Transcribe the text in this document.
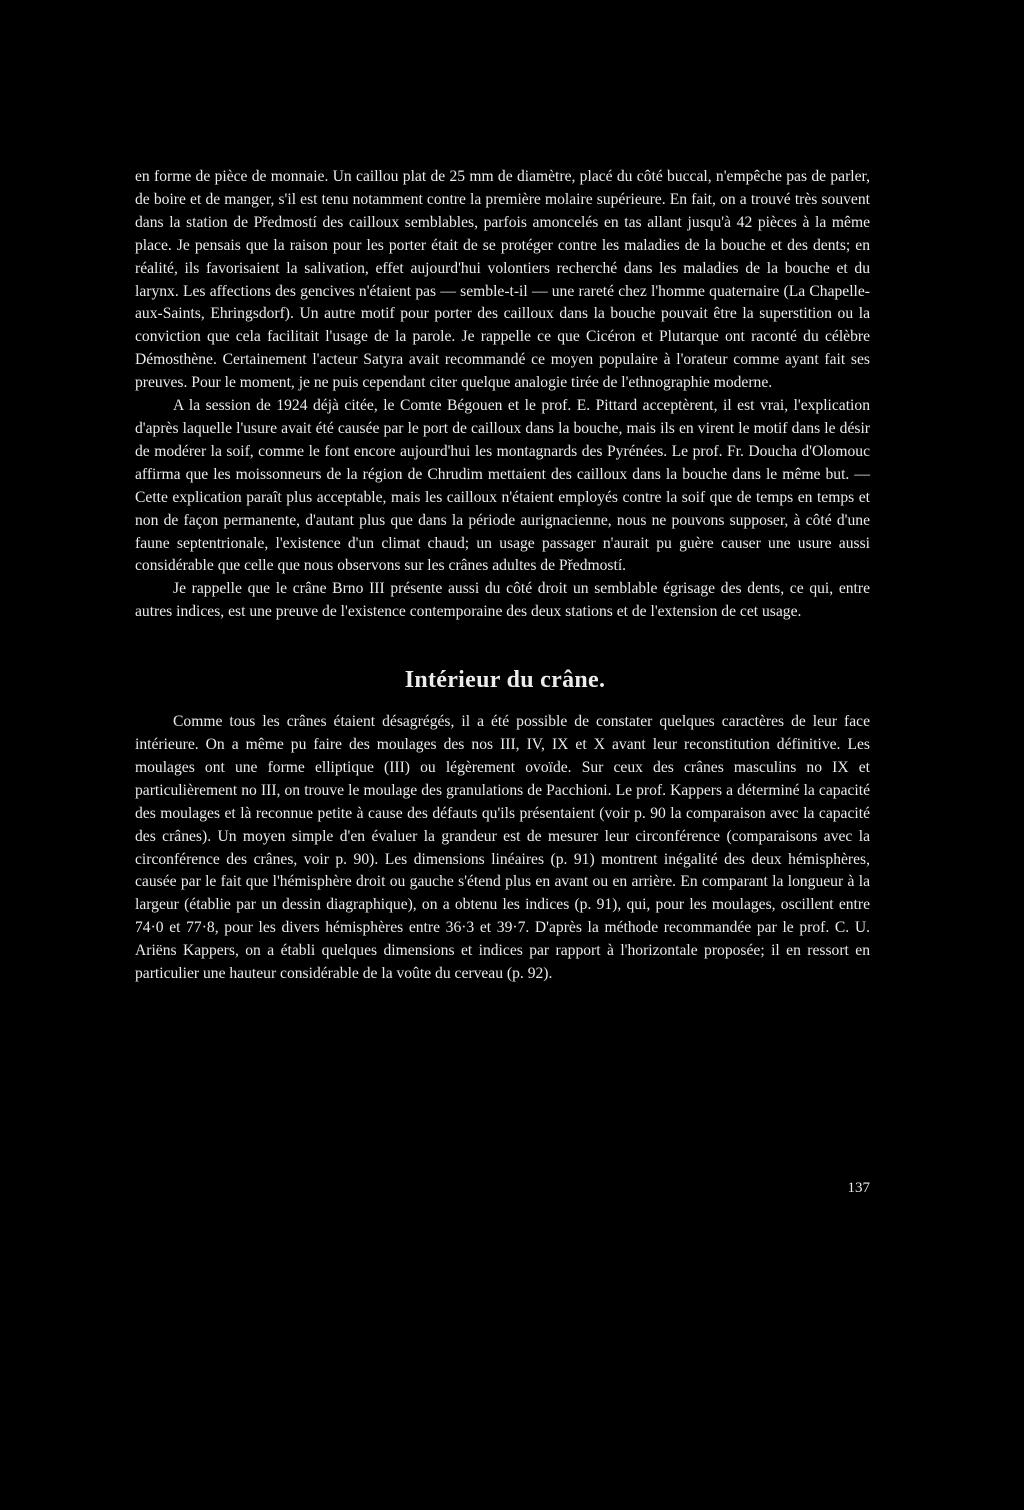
en forme de pièce de monnaie. Un caillou plat de 25 mm de diamètre, placé du côté buccal, n'empêche pas de parler, de boire et de manger, s'il est tenu notamment contre la première molaire supérieure. En fait, on a trouvé très souvent dans la station de Předmostí des cailloux semblables, parfois amoncelés en tas allant jusqu'à 42 pièces à la même place. Je pensais que la raison pour les porter était de se protéger contre les maladies de la bouche et des dents; en réalité, ils favorisaient la salivation, effet aujourd'hui volontiers recherché dans les maladies de la bouche et du larynx. Les affections des gencives n'étaient pas — semble-t-il — une rareté chez l'homme quaternaire (La Chapelle-aux-Saints, Ehringsdorf). Un autre motif pour porter des cailloux dans la bouche pouvait être la superstition ou la conviction que cela facilitait l'usage de la parole. Je rappelle ce que Cicéron et Plutarque ont raconté du célèbre Démosthène. Certainement l'acteur Satyra avait recommandé ce moyen populaire à l'orateur comme ayant fait ses preuves. Pour le moment, je ne puis cependant citer quelque analogie tirée de l'ethnographie moderne.

A la session de 1924 déjà citée, le Comte Bégouen et le prof. E. Pittard acceptèrent, il est vrai, l'explication d'après laquelle l'usure avait été causée par le port de cailloux dans la bouche, mais ils en virent le motif dans le désir de modérer la soif, comme le font encore aujourd'hui les montagnards des Pyrénées. Le prof. Fr. Doucha d'Olomouc affirma que les moissonneurs de la région de Chrudim mettaient des cailloux dans la bouche dans le même but. — Cette explication paraît plus acceptable, mais les cailloux n'étaient employés contre la soif que de temps en temps et non de façon permanente, d'autant plus que dans la période aurignacienne, nous ne pouvons supposer, à côté d'une faune septentrionale, l'existence d'un climat chaud; un usage passager n'aurait pu guère causer une usure aussi considérable que celle que nous observons sur les crânes adultes de Předmostí.

Je rappelle que le crâne Brno III présente aussi du côté droit un semblable égrisage des dents, ce qui, entre autres indices, est une preuve de l'existence contemporaine des deux stations et de l'extension de cet usage.

Intérieur du crâne.

Comme tous les crânes étaient désagrégés, il a été possible de constater quelques caractères de leur face intérieure. On a même pu faire des moulages des nos III, IV, IX et X avant leur reconstitution définitive. Les moulages ont une forme elliptique (III) ou légèrement ovoïde. Sur ceux des crânes masculins no IX et particulièrement no III, on trouve le moulage des granulations de Pacchioni. Le prof. Kappers a déterminé la capacité des moulages et là reconnue petite à cause des défauts qu'ils présentaient (voir p. 90 la comparaison avec la capacité des crânes). Un moyen simple d'en évaluer la grandeur est de mesurer leur circonférence (comparaisons avec la circonférence des crânes, voir p. 90). Les dimensions linéaires (p. 91) montrent inégalité des deux hémisphères, causée par le fait que l'hémisphère droit ou gauche s'étend plus en avant ou en arrière. En comparant la longueur à la largeur (établie par un dessin diagraphique), on a obtenu les indices (p. 91), qui, pour les moulages, oscillent entre 74·0 et 77·8, pour les divers hémisphères entre 36·3 et 39·7. D'après la méthode recommandée par le prof. C. U. Ariëns Kappers, on a établi quelques dimensions et indices par rapport à l'horizontale proposée; il en ressort en particulier une hauteur considérable de la voûte du cerveau (p. 92).

137
